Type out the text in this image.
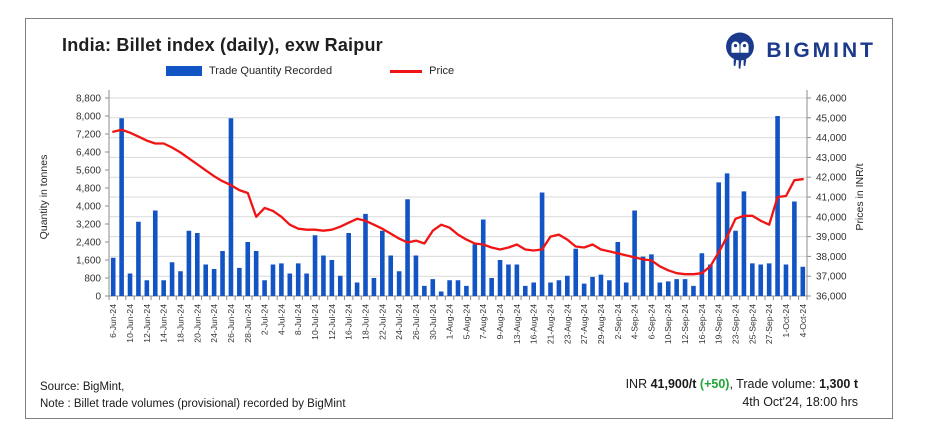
India: Billet index (daily), exw Raipur	BIGMINT
Trade Quantity Recorded	Price
0
800
1,600
2,400
3,200
4,000
4,800
5,600
6,400
7,200
8,000
8,800
36,000
37,000
38,000
39,000
40,000
41,000
42,000
43,000
44,000
45,000
46,000
6-Jun-24 10-Jun-24 12-Jun-24 14-Jun-24 18-Jun-24 20-Jun-24 24-Jun-24 26-Jun-24 28-Jun-24 2-Jul-24 4-Jul-24 8-Jul-24 10-Jul-24 12-Jul-24 16-Jul-24 18-Jul-24 22-Jul-24 24-Jul-24 26-Jul-24 30-Jul-24 1-Aug-24 5-Aug-24 7-Aug-24 9-Aug-24 13-Aug-24 16-Aug-24 21-Aug-24 23-Aug-24 27-Aug-24 29-Aug-24 2-Sep-24 4-Sep-24 6-Sep-24 10-Sep-24 12-Sep-24 16-Sep-24 19-Sep-24 23-Sep-24 25-Sep-24 27-Sep-24 1-Oct-24 4-Oct-24
Quantity in tonnes	Prices in INR/t
Source: BigMint,
Note : Billet trade volumes (provisional) recorded by BigMint
INR 41,900/t (+50), Trade volume: 1,300 t
4th Oct'24, 18:00 hrs
